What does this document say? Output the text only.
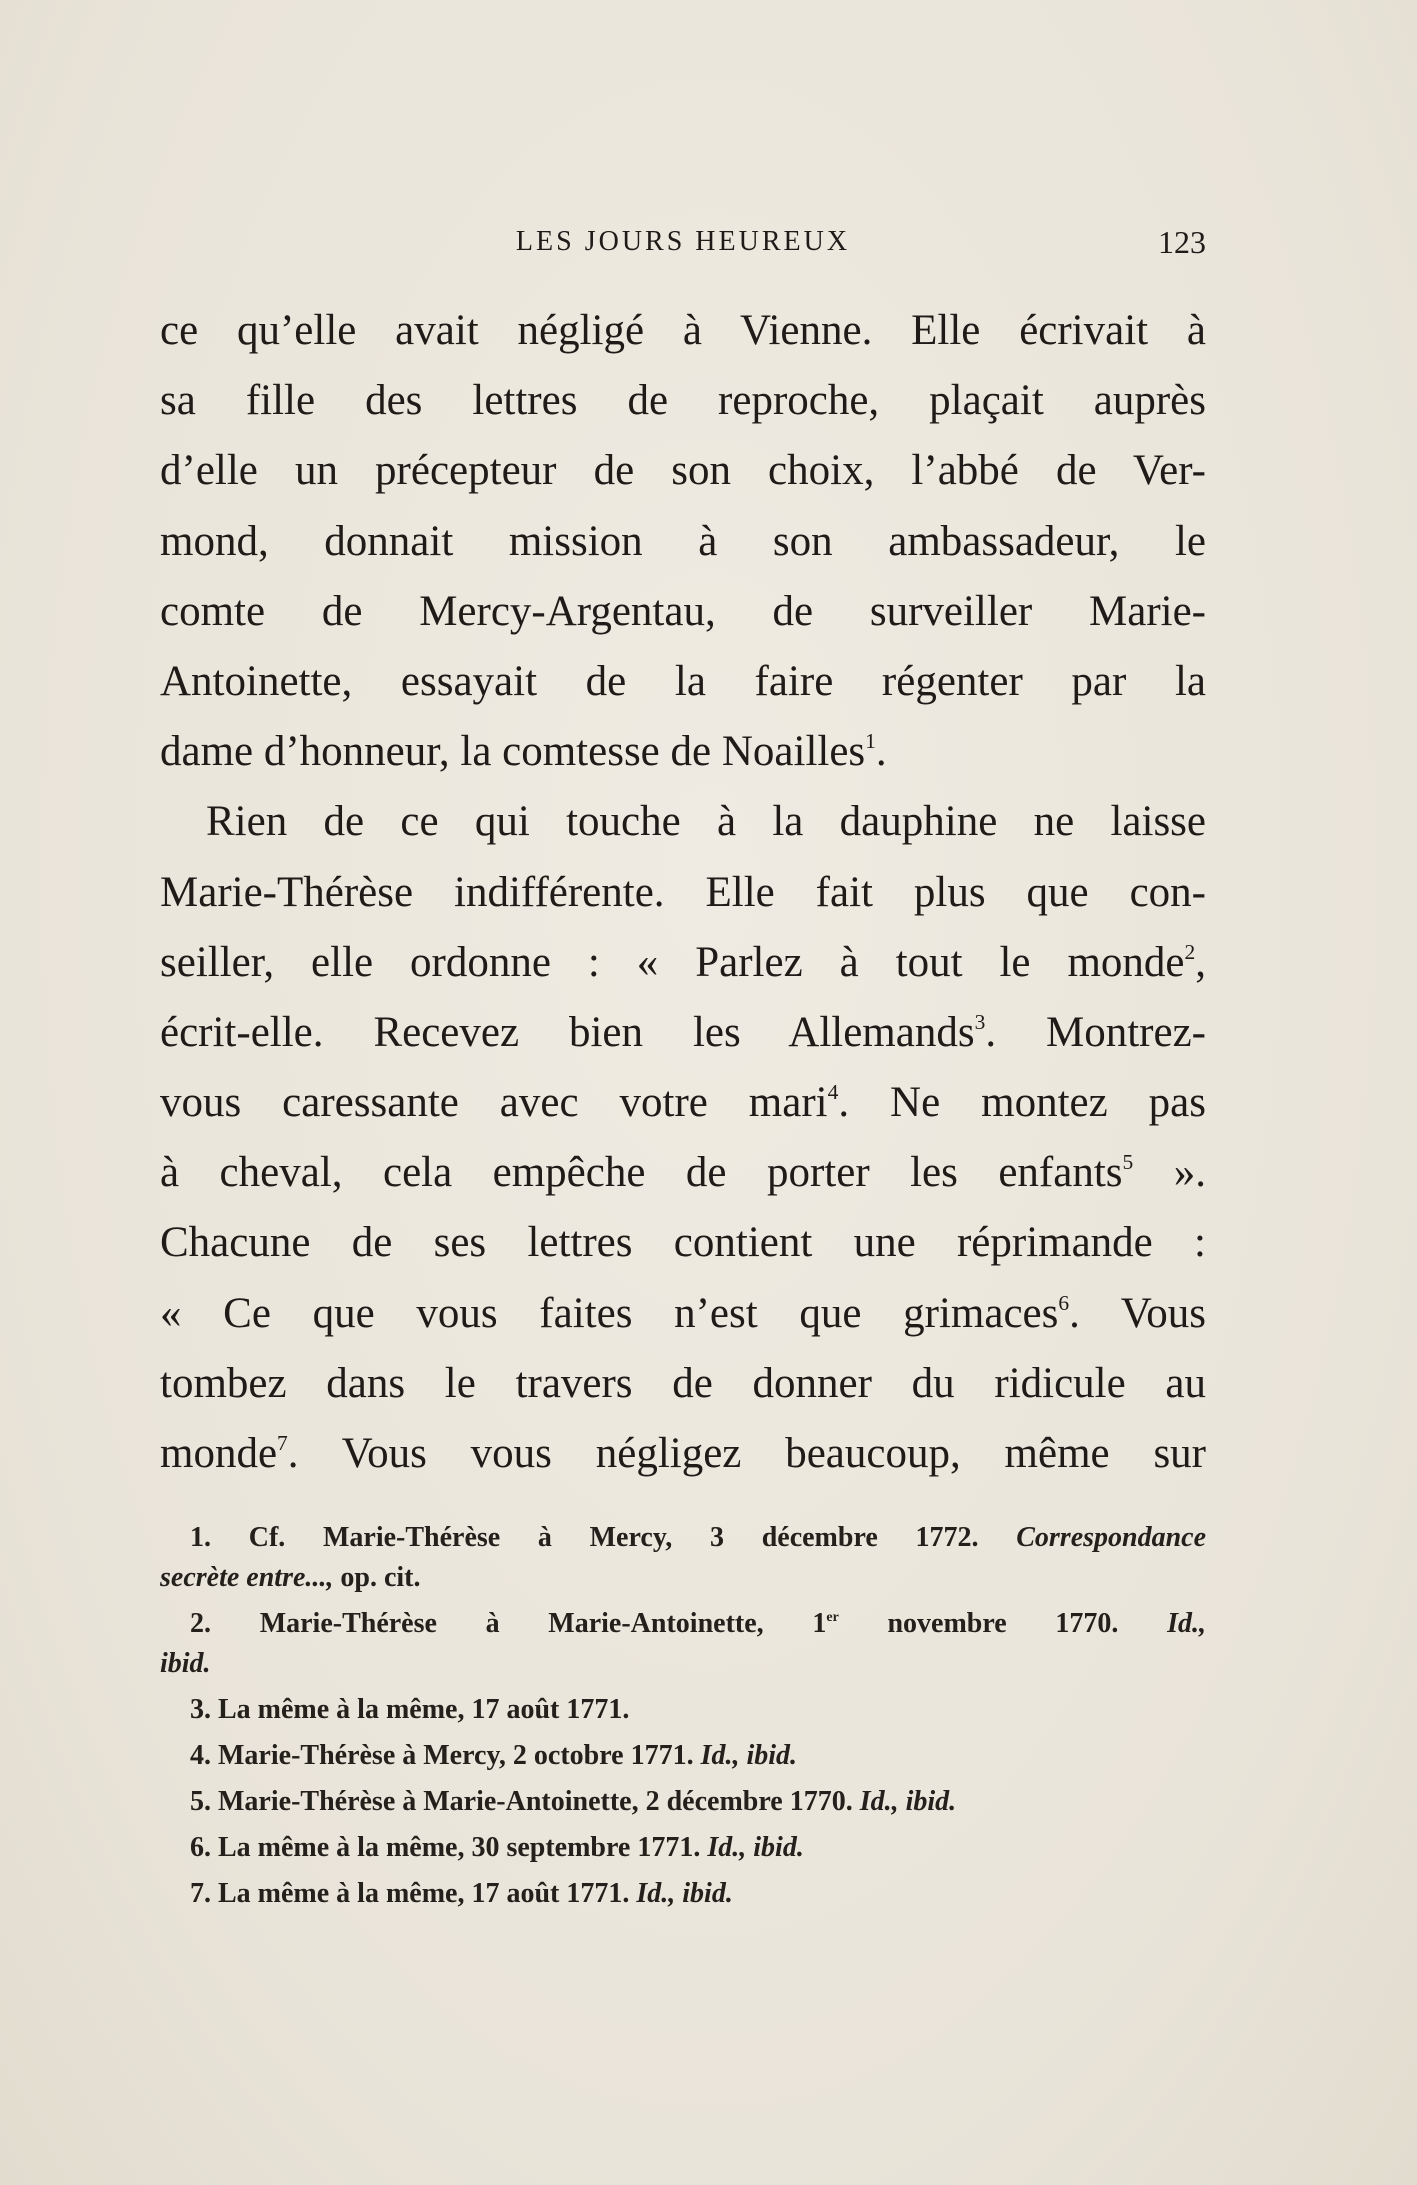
LES JOURS HEUREUX	123
ce qu’elle avait négligé à Vienne. Elle écrivait à
sa fille des lettres de reproche, plaçait auprès
d’elle un précepteur de son choix, l’abbé de Ver-
mond, donnait mission à son ambassadeur, le
comte de Mercy-Argentau, de surveiller Marie-
Antoinette, essayait de la faire régenter par la
dame d’honneur, la comtesse de Noailles$^1$.
Rien de ce qui touche à la dauphine ne laisse
Marie-Thérèse indifférente. Elle fait plus que con-
seiller, elle ordonne : « Parlez à tout le monde$^2$,
écrit-elle. Recevez bien les Allemands$^3$. Montrez-
vous caressante avec votre mari$^4$. Ne montez pas
à cheval, cela empêche de porter les enfants$^5$ ».
Chacune de ses lettres contient une réprimande :
« Ce que vous faites n’est que grimaces$^6$. Vous
tombez dans le travers de donner du ridicule au
monde$^7$. Vous vous négligez beaucoup, même sur
1. Cf. Marie-Thérèse à Mercy, 3 décembre 1772. Correspondance
secrète entre..., op. cit.
2. Marie-Thérèse à Marie-Antoinette, 1er novembre 1770. Id.,
ibid.
3. La même à la même, 17 août 1771.
4. Marie-Thérèse à Mercy, 2 octobre 1771. Id., ibid.
5. Marie-Thérèse à Marie-Antoinette, 2 décembre 1770. Id., ibid.
6. La même à la même, 30 septembre 1771. Id., ibid.
7. La même à la même, 17 août 1771. Id., ibid.
